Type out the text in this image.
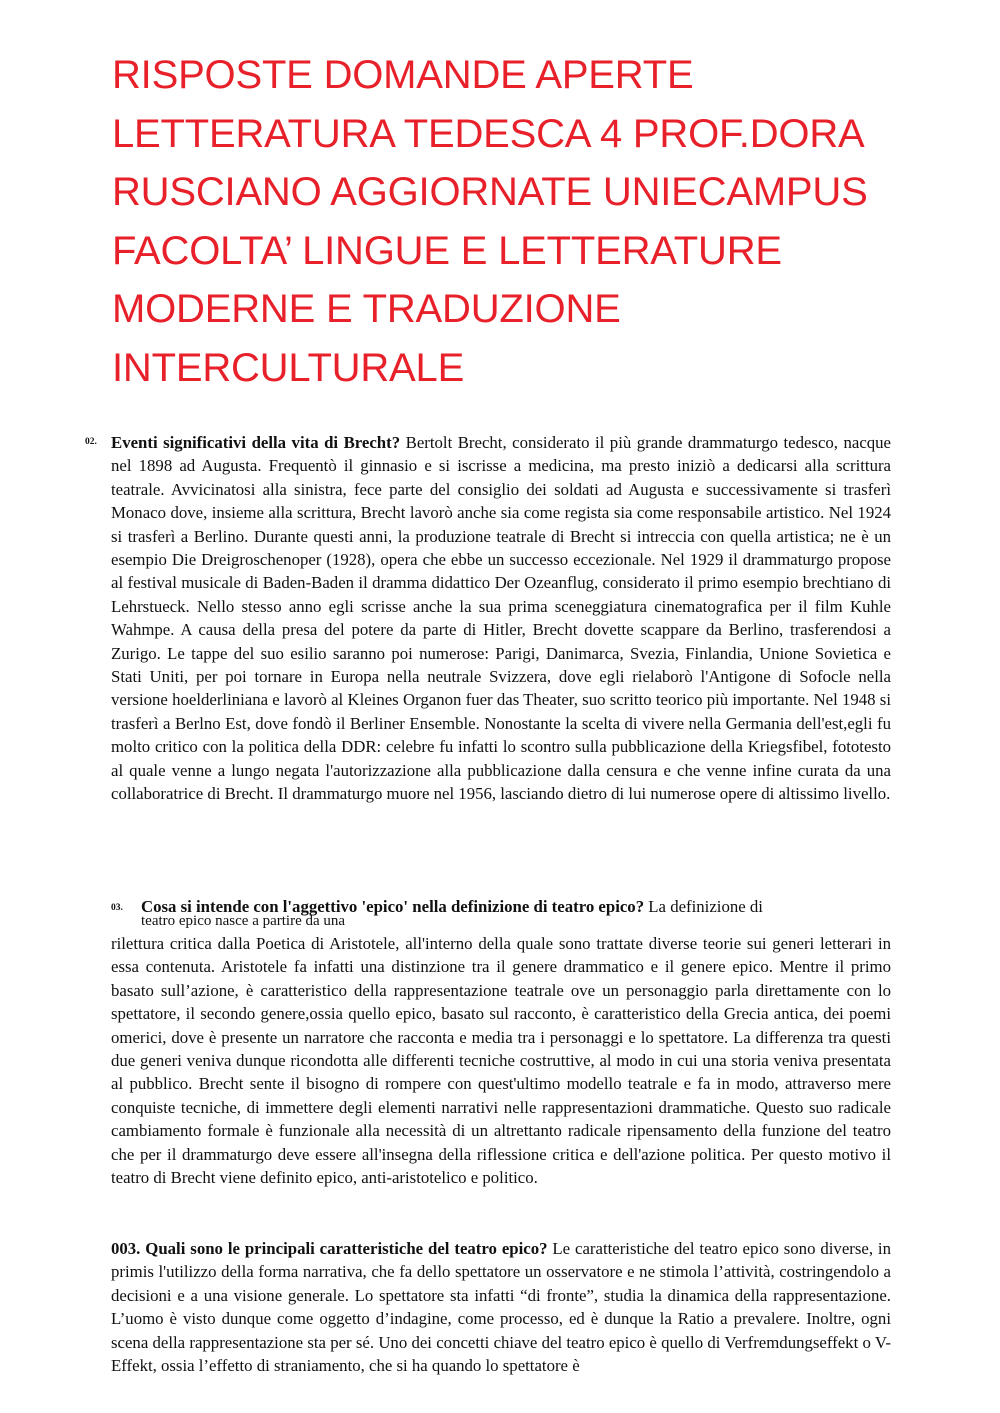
RISPOSTE DOMANDE APERTE LETTERATURA TEDESCA 4 PROF.DORA RUSCIANO AGGIORNATE UNIECAMPUS FACOLTA’ LINGUE E LETTERATURE MODERNE E TRADUZIONE INTERCULTURALE
02. Eventi significativi della vita di Brecht? Bertolt Brecht, considerato il più grande drammaturgo tedesco, nacque nel 1898 ad Augusta. Frequentò il ginnasio e si iscrisse a medicina, ma presto iniziò a dedicarsi alla scrittura teatrale. Avvicinatosi alla sinistra, fece parte del consiglio dei soldati ad Augusta e successivamente si trasferì Monaco dove, insieme alla scrittura, Brecht lavorò anche sia come regista sia come responsabile artistico. Nel 1924 si trasferì a Berlino. Durante questi anni, la produzione teatrale di Brecht si intreccia con quella artistica; ne è un esempio Die Dreigroschenoper (1928), opera che ebbe un successo eccezionale. Nel 1929 il drammaturgo propose al festival musicale di Baden-Baden il dramma didattico Der Ozeanflug, considerato il primo esempio brechtiano di Lehrstueck. Nello stesso anno egli scrisse anche la sua prima sceneggiatura cinematografica per il film Kuhle Wahmpe. A causa della presa del potere da parte di Hitler, Brecht dovette scappare da Berlino, trasferendosi a Zurigo. Le tappe del suo esilio saranno poi numerose: Parigi, Danimarca, Svezia, Finlandia, Unione Sovietica e Stati Uniti, per poi tornare in Europa nella neutrale Svizzera, dove egli rielaborò l'Antigone di Sofocle nella versione hoelderliniana e lavorò al Kleines Organon fuer das Theater, suo scritto teorico più importante. Nel 1948 si trasferì a Berlno Est, dove fondò il Berliner Ensemble. Nonostante la scelta di vivere nella Germania dell'est,egli fu molto critico con la politica della DDR: celebre fu infatti lo scontro sulla pubblicazione della Kriegsfibel, fototesto al quale venne a lungo negata l'autorizzazione alla pubblicazione dalla censura e che venne infine curata da una collaboratrice di Brecht. Il drammaturgo muore nel 1956, lasciando dietro di lui numerose opere di altissimo livello.

03. Cosa si intende con l'aggettivo 'epico' nella definizione di teatro epico? La definizione di

teatro epico nasce a partire da una

rilettura critica dalla Poetica di Aristotele, all'interno della quale sono trattate diverse teorie sui generi letterari in essa contenuta. Aristotele fa infatti una distinzione tra il genere drammatico e il genere epico. Mentre il primo basato sull’azione, è caratteristico della rappresentazione teatrale ove un personaggio parla direttamente con lo spettatore, il secondo genere,ossia quello epico, basato sul racconto, è caratteristico della Grecia antica, dei poemi omerici, dove è presente un narratore che racconta e media tra i personaggi e lo spettatore. La differenza tra questi due generi veniva dunque ricondotta alle differenti tecniche costruttive, al modo in cui una storia veniva presentata al pubblico. Brecht sente il bisogno di rompere con quest'ultimo modello teatrale e fa in modo, attraverso mere conquiste tecniche, di immettere degli elementi narrativi nelle rappresentazioni drammatiche. Questo suo radicale cambiamento formale è funzionale alla necessità di un altrettanto radicale ripensamento della funzione del teatro che per il drammaturgo deve essere all'insegna della riflessione critica e dell'azione politica. Per questo motivo il teatro di Brecht viene definito epico, anti-aristotelico e politico.

003. Quali sono le principali caratteristiche del teatro epico? Le caratteristiche del teatro epico sono diverse, in primis l'utilizzo della forma narrativa, che fa dello spettatore un osservatore e ne stimola l’attività, costringendolo a decisioni e a una visione generale. Lo spettatore sta infatti “di fronte”, studia la dinamica della rappresentazione. L’uomo è visto dunque come oggetto d’indagine, come processo, ed è dunque la Ratio a prevalere. Inoltre, ogni scena della rappresentazione sta per sé. Uno dei concetti chiave del teatro epico è quello di Verfremdungseffekt o V-Effekt, ossia l’effetto di straniamento, che si ha quando lo spettatore è
